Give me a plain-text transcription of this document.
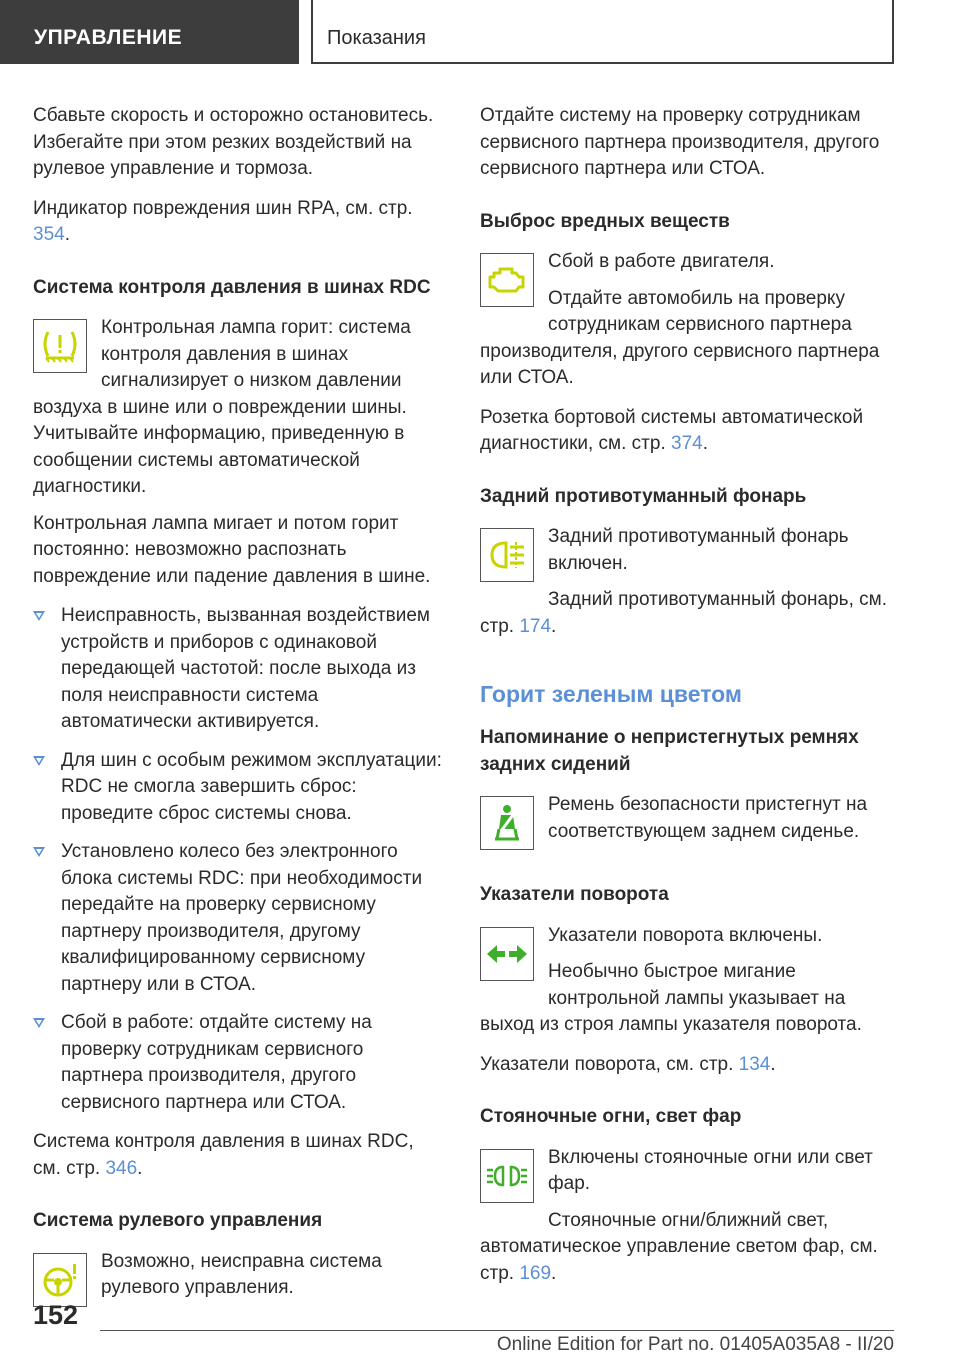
УПРАВЛЕНИЕ	Показания

Сбавьте скорость и осторожно остановитесь. Избегайте при этом резких воздействий на рулевое управление и тормоза.

Индикатор повреждения шин RPA, см. стр. 354.

Система контроля давления в шинах RDC

Контрольная лампа горит: система контроля давления в шинах сигнализирует о низком давлении воздуха в шине или о повреждении шины. Учитывайте информацию, приведенную в сообщении системы автоматической диагностики.

Контрольная лампа мигает и потом горит постоянно: невозможно распознать повреждение или падение давления в шине.

Неисправность, вызванная воздействием устройств и приборов с одинаковой передающей частотой: после выхода из поля неисправности система автоматически активируется.
Для шин с особым режимом эксплуатации: RDC не смогла завершить сброс: проведите сброс системы снова.
Установлено колесо без электронного блока системы RDC: при необходимости передайте на проверку сервисному партнеру производителя, другому квалифицированному сервисному партнеру или в СТОА.
Сбой в работе: отдайте систему на проверку сотрудникам сервисного партнера производителя, другого сервисного партнера или СТОА.

Система контроля давления в шинах RDC, см. стр. 346.

Система рулевого управления

Возможно, неисправна система рулевого управления.

Отдайте систему на проверку сотрудникам сервисного партнера производителя, другого сервисного партнера или СТОА.

Выброс вредных веществ

Сбой в работе двигателя.

Отдайте автомобиль на проверку сотрудникам сервисного партнера производителя, другого сервисного партнера или СТОА.

Розетка бортовой системы автоматической диагностики, см. стр. 374.

Задний противотуманный фонарь

Задний противотуманный фонарь включен.

Задний противотуманный фонарь, см. стр. 174.

Горит зеленым цветом
Напоминание о непристегнутых ремнях задних сидений

Ремень безопасности пристегнут на соответствующем заднем сиденье.

Указатели поворота

Указатели поворота включены.

Необычно быстрое мигание контрольной лампы указывает на выход из строя лампы указателя поворота.

Указатели поворота, см. стр. 134.

Стояночные огни, свет фар

Включены стояночные огни или свет фар.

Стояночные огни/ближний свет, автоматическое управление светом фар, см. стр. 169.

152
Online Edition for Part no. 01405A035A8 - II/20
